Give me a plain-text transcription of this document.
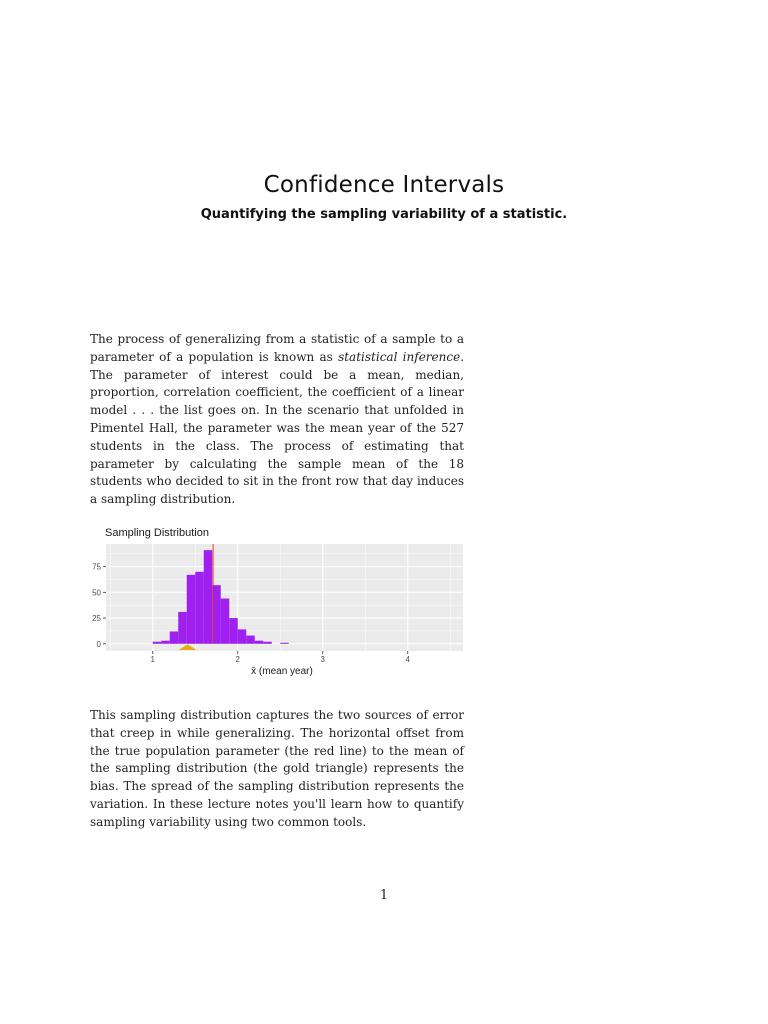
Confidence Intervals
Quantifying the sampling variability of a statistic.

The process of generalizing from a statistic of a sample to a parameter of a population is known as statistical inference. The parameter of interest could be a mean, median, proportion, correlation coefficient, the coefficient of a linear model . . . the list goes on. In the scenario that unfolded in Pimentel Hall, the parameter was the mean year of the 527 students in the class. The process of estimating that parameter by calculating the sample mean of the 18 students who decided to sit in the front row that day induces a sampling distribution.

Sampling Distribution
0
25
50
75
1	2	3	4
x̄ (mean year)

This sampling distribution captures the two sources of error that creep in while generalizing. The horizontal offset from the true population parameter (the red line) to the mean of the sampling distribution (the gold triangle) represents the bias. The spread of the sampling distribution represents the variation. In these lecture notes you'll learn how to quantify sampling variability using two common tools.

1
